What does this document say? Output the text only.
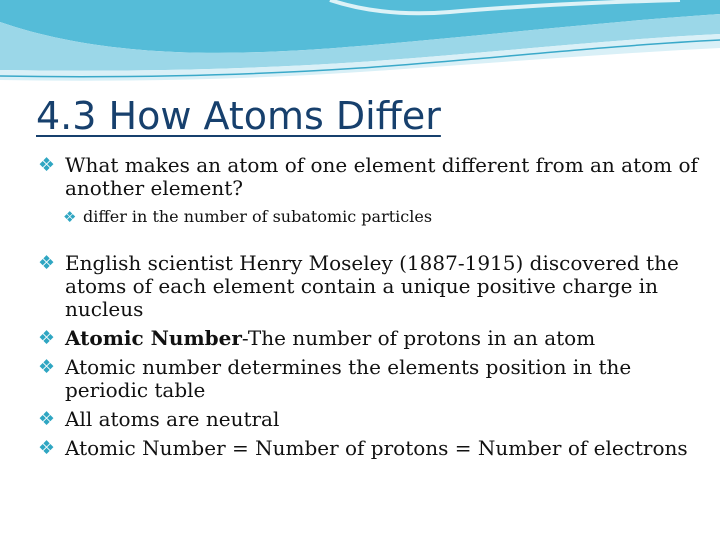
4.3 How Atoms Differ
❖ What makes an atom of one element different from an atom of another element?
❖ differ in the number of subatomic particles
❖ English scientist Henry Moseley (1887-1915) discovered the atoms of each element contain a unique positive charge in nucleus
❖ Atomic Number-The number of protons in an atom
❖ Atomic number determines the elements position in the periodic table
❖ All atoms are neutral
❖ Atomic Number = Number of protons = Number of electrons
